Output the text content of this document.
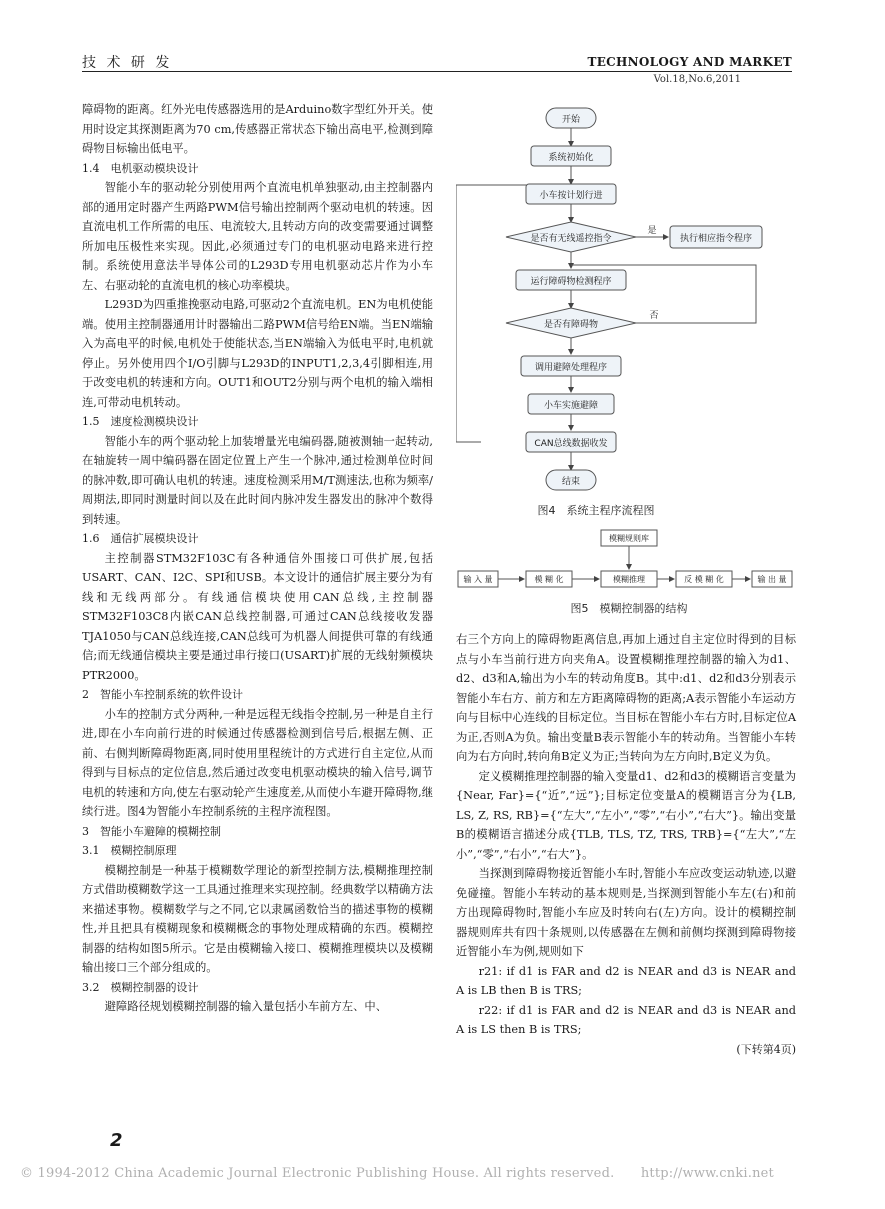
技 术 研 发	TECHNOLOGY AND MARKET
Vol.18,No.6,2011

障碍物的距离。红外光电传感器选用的是Arduino数字型红外开关。使用时设定其探测距离为70 cm,传感器正常状态下输出高电平,检测到障碍物目标输出低电平。

1.4　电机驱动模块设计

智能小车的驱动轮分别使用两个直流电机单独驱动,由主控制器内部的通用定时器产生两路PWM信号输出控制两个驱动电机的转速。因直流电机工作所需的电压、电流较大,且转动方向的改变需要通过调整所加电压极性来实现。因此,必须通过专门的电机驱动电路来进行控制。系统使用意法半导体公司的L293D专用电机驱动芯片作为小车左、右驱动轮的直流电机的核心功率模块。

L293D为四重推挽驱动电路,可驱动2个直流电机。EN为电机使能端。使用主控制器通用计时器输出二路PWM信号给EN端。当EN端输入为高电平的时候,电机处于使能状态,当EN端输入为低电平时,电机就停止。另外使用四个I/O引脚与L293D的INPUT1,2,3,4引脚相连,用于改变电机的转速和方向。OUT1和OUT2分别与两个电机的输入端相连,可带动电机转动。

1.5　速度检测模块设计

智能小车的两个驱动轮上加装增量光电编码器,随被测轴一起转动,在轴旋转一周中编码器在固定位置上产生一个脉冲,通过检测单位时间的脉冲数,即可确认电机的转速。速度检测采用M/T测速法,也称为频率/周期法,即同时测量时间以及在此时间内脉冲发生器发出的脉冲个数得到转速。

1.6　通信扩展模块设计

主控制器STM32F103C有各种通信外围接口可供扩展,包括USART、CAN、I2C、SPI和USB。本文设计的通信扩展主要分为有线和无线两部分。有线通信模块使用CAN总线,主控制器STM32F103C8内嵌CAN总线控制器,可通过CAN总线接收发器TJA1050与CAN总线连接,CAN总线可为机器人间提供可靠的有线通信;而无线通信模块主要是通过串行接口(USART)扩展的无线射频模块PTR2000。

2　智能小车控制系统的软件设计

小车的控制方式分两种,一种是远程无线指令控制,另一种是自主行进,即在小车向前行进的时候通过传感器检测到信号后,根据左侧、正前、右侧判断障碍物距离,同时使用里程统计的方式进行自主定位,从而得到与目标点的定位信息,然后通过改变电机驱动模块的输入信号,调节电机的转速和方向,使左右驱动轮产生速度差,从而使小车避开障碍物,继续行进。图4为智能小车控制系统的主程序流程图。

3　智能小车避障的模糊控制

3.1　模糊控制原理

模糊控制是一种基于模糊数学理论的新型控制方法,模糊推理控制方式借助模糊数学这一工具通过推理来实现控制。经典数学以精确方法来描述事物。模糊数学与之不同,它以隶属函数恰当的描述事物的模糊性,并且把具有模糊现象和模糊概念的事物处理成精确的东西。模糊控制器的结构如图5所示。它是由模糊输入接口、模糊推理模块以及模糊输出接口三个部分组成的。

3.2　模糊控制器的设计

避障路径规划模糊控制器的输入量包括小车前方左、中、

开始
系统初始化
小车按计划行进
是否有无线遥控指令	执行相应指令程序
是
运行障碍物检测程序
是否有障碍物
否
调用避障处理程序
小车实施避障
CAN总线数据收发
结束
图4　系统主程序流程图
模糊规则库
输 入 量	模 糊 化	模糊推理	反 模 糊 化	输 出 量
图5　模糊控制器的结构

右三个方向上的障碍物距离信息,再加上通过自主定位时得到的目标点与小车当前行进方向夹角A。设置模糊推理控制器的输入为d1、d2、d3和A,输出为小车的转动角度B。其中:d1、d2和d3分别表示智能小车右方、前方和左方距离障碍物的距离;A表示智能小车运动方向与目标中心连线的目标定位。当目标在智能小车右方时,目标定位A为正,否则A为负。输出变量B表示智能小车的转动角。当智能小车转向为右方向时,转向角B定义为正;当转向为左方向时,B定义为负。

定义模糊推理控制器的输入变量d1、d2和d3的模糊语言变量为{Near, Far}={“近”,“远”};目标定位变量A的模糊语言分为{LB, LS, Z, RS, RB}={“左大”,“左小”,“零”,“右小”,“右大”}。输出变量B的模糊语言描述分成{TLB, TLS, TZ, TRS, TRB}={“左大”,“左小”,“零”,“右小”,“右大”}。

当探测到障碍物接近智能小车时,智能小车应改变运动轨迹,以避免碰撞。智能小车转动的基本规则是,当探测到智能小车左(右)和前方出现障碍物时,智能小车应及时转向右(左)方向。设计的模糊控制器规则库共有四十条规则,以传感器在左侧和前侧均探测到障碍物接近智能小车为例,规则如下

r21: if d1 is FAR and d2 is NEAR and d3 is NEAR and A is LB then B is TRS;

r22: if d1 is FAR and d2 is NEAR and d3 is NEAR and A is LS then B is TRS;

(下转第4页)

2
© 1994-2012 China Academic Journal Electronic Publishing House. All rights reserved.　　http://www.cnki.net
